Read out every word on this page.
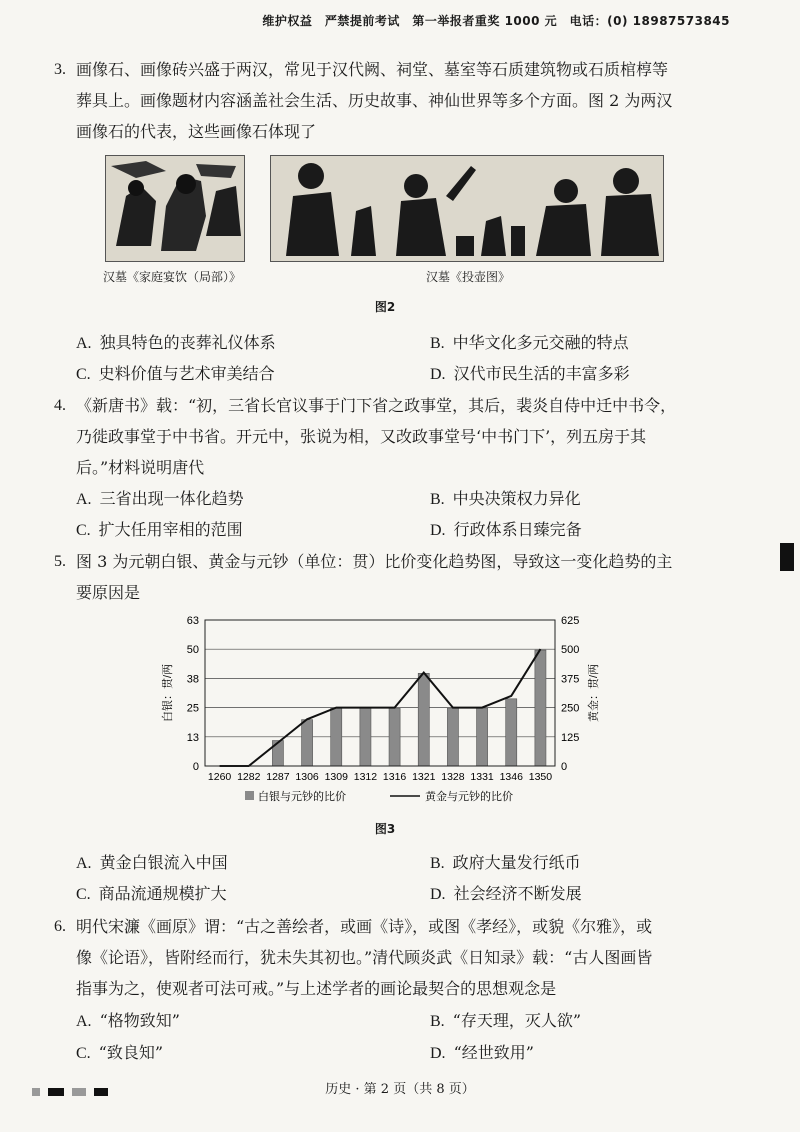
维护权益　严禁提前考试　第一举报者重奖 1000 元　电话：(0) 18987573845
3. 画像石、画像砖兴盛于两汉，常见于汉代阙、祠堂、墓室等石质建筑物或石质棺椁等
葬具上。画像题材内容涵盖社会生活、历史故事、神仙世界等多个方面。图 2 为两汉
画像石的代表，这些画像石体现了
汉墓《家庭宴饮（局部）》	汉墓《投壶图》
图2
A. 独具特色的丧葬礼仪体系	B. 中华文化多元交融的特点
C. 史料价值与艺术审美结合	D. 汉代市民生活的丰富多彩
4. 《新唐书》载：“初，三省长官议事于门下省之政事堂，其后，裴炎自侍中迁中书令，
乃徙政事堂于中书省。开元中，张说为相，又改政事堂号‘中书门下’，列五房于其
后。”材料说明唐代
A. 三省出现一体化趋势	B. 中央决策权力异化
C. 扩大任用宰相的范围	D. 行政体系日臻完备
5. 图 3 为元朝白银、黄金与元钞（单位：贯）比价变化趋势图，导致这一变化趋势的主
要原因是
0
13
25
38
50
63
0
125
250
375
500
625
1260 1282 1287 1306 1309 1312 1316 1321 1328 1331 1346 1350
白银：贯/两	黄金：贯/两
白银与元钞的比价	黄金与元钞的比价
图3
A. 黄金白银流入中国	B. 政府大量发行纸币
C. 商品流通规模扩大	D. 社会经济不断发展
6. 明代宋濂《画原》谓：“古之善绘者，或画《诗》，或图《孝经》，或貌《尔雅》，或
像《论语》，皆附经而行，犹未失其初也。”清代顾炎武《日知录》载：“古人图画皆
指事为之，使观者可法可戒。”与上述学者的画论最契合的思想观念是
A. “格物致知”	B. “存天理，灭人欲”
C. “致良知”	D. “经世致用”
历史 · 第 2 页（共 8 页）
